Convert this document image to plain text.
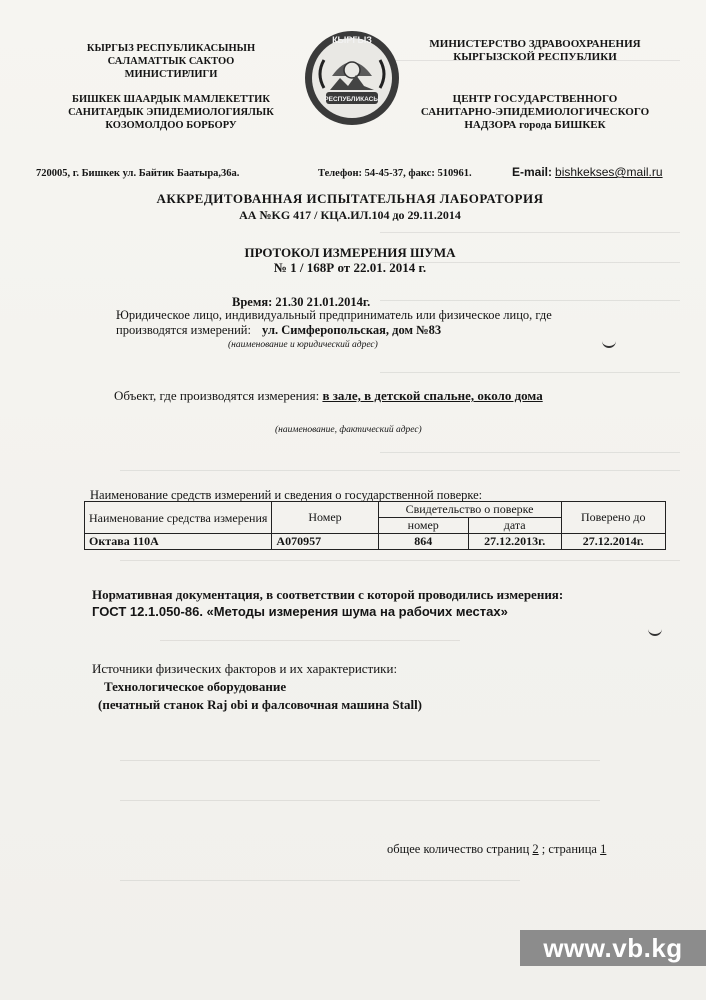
КЫРГЫЗ РЕСПУБЛИКАСЫНЫН
САЛАМАТТЫК САКТОО
МИНИСТИРЛИГИ
БИШКЕК ШААРДЫК МАМЛЕКЕТТИК
САНИТАРДЫК ЭПИДЕМИОЛОГИЯЛЫК
КОЗОМОЛДОО БОРБОРУ
КЫРГЫЗ
РЕСПУБЛИКАСЫ
МИНИСТЕРСТВО ЗДРАВООХРАНЕНИЯ
КЫРГЫЗСКОЙ РЕСПУБЛИКИ
ЦЕНТР ГОСУДАРСТВЕННОГО
САНИТАРНО-ЭПИДЕМИОЛОГИЧЕСКОГО
НАДЗОРА города БИШКЕК
720005, г. Бишкек ул. Байтик Баатыра,36а.	Телефон: 54-45-37, факс: 510961.	E-mail: bishkekses@mail.ru
АККРЕДИТОВАННАЯ ИСПЫТАТЕЛЬНАЯ ЛАБОРАТОРИЯ
АА №KG 417 / КЦА.ИЛ.104 до 29.11.2014
ПРОТОКОЛ ИЗМЕРЕНИЯ ШУМА
№ 1 / 168Р от 22.01. 2014 г.
Время: 21.30 21.01.2014г.
Юридическое лицо, индивидуальный предприниматель или физическое лицо, где
производятся измерений: ул. Симферопольская, дом №83
(наименование и юридический адрес)
Объект, где производятся измерения: в зале, в детской спальне, около дома
(наименование, фактический адрес)
Наименование средств измерений и сведения о государственной поверке:
Наименование средства измерения	Номер	Свидетельство о поверке		Поверено до
		номер	дата	
Октава 110А	А070957	864	27.12.2013г.	27.12.2014г.
Нормативная документация, в соответствии с которой проводились измерения:
ГОСТ 12.1.050-86. «Методы измерения шума на рабочих местах»
Источники физических факторов и их характеристики:
Технологическое оборудование
(печатный станок Raj obi и фалсовочная машина Stall)
общее количество страниц 2 ; страница 1
www.vb.kg
